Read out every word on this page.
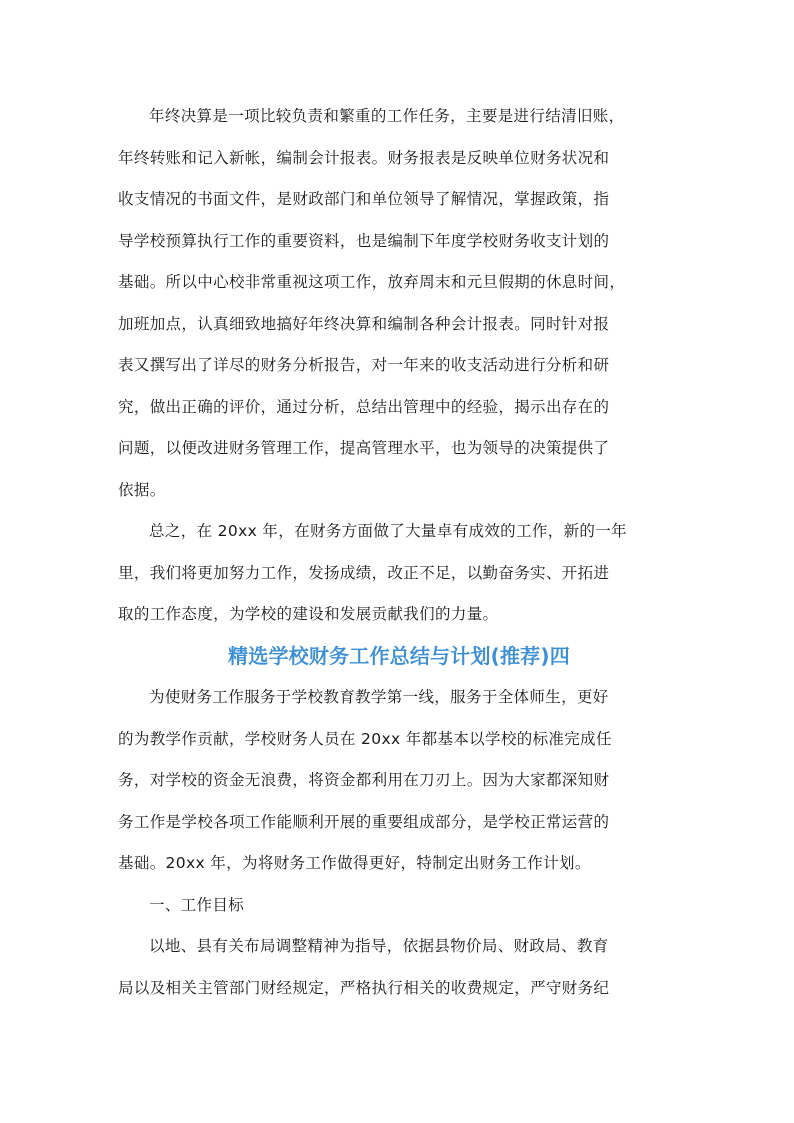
年终决算是一项比较负责和繁重的工作任务，主要是进行结清旧账，
年终转账和记入新帐，编制会计报表。财务报表是反映单位财务状况和
收支情况的书面文件，是财政部门和单位领导了解情况，掌握政策，指
导学校预算执行工作的重要资料，也是编制下年度学校财务收支计划的
基础。所以中心校非常重视这项工作，放弃周末和元旦假期的休息时间，
加班加点，认真细致地搞好年终决算和编制各种会计报表。同时针对报
表又撰写出了详尽的财务分析报告，对一年来的收支活动进行分析和研
究，做出正确的评价，通过分析，总结出管理中的经验，揭示出存在的
问题，以便改进财务管理工作，提高管理水平，也为领导的决策提供了
依据。

总之，在 20xx 年，在财务方面做了大量卓有成效的工作，新的一年
里，我们将更加努力工作，发扬成绩，改正不足，以勤奋务实、开拓进
取的工作态度，为学校的建设和发展贡献我们的力量。

精选学校财务工作总结与计划(推荐)四

为使财务工作服务于学校教育教学第一线，服务于全体师生，更好
的为教学作贡献，学校财务人员在 20xx 年都基本以学校的标准完成任
务，对学校的资金无浪费，将资金都利用在刀刃上。因为大家都深知财
务工作是学校各项工作能顺利开展的重要组成部分，是学校正常运营的
基础。20xx 年，为将财务工作做得更好，特制定出财务工作计划。

一、工作目标

以地、县有关布局调整精神为指导，依据县物价局、财政局、教育
局以及相关主管部门财经规定，严格执行相关的收费规定，严守财务纪
